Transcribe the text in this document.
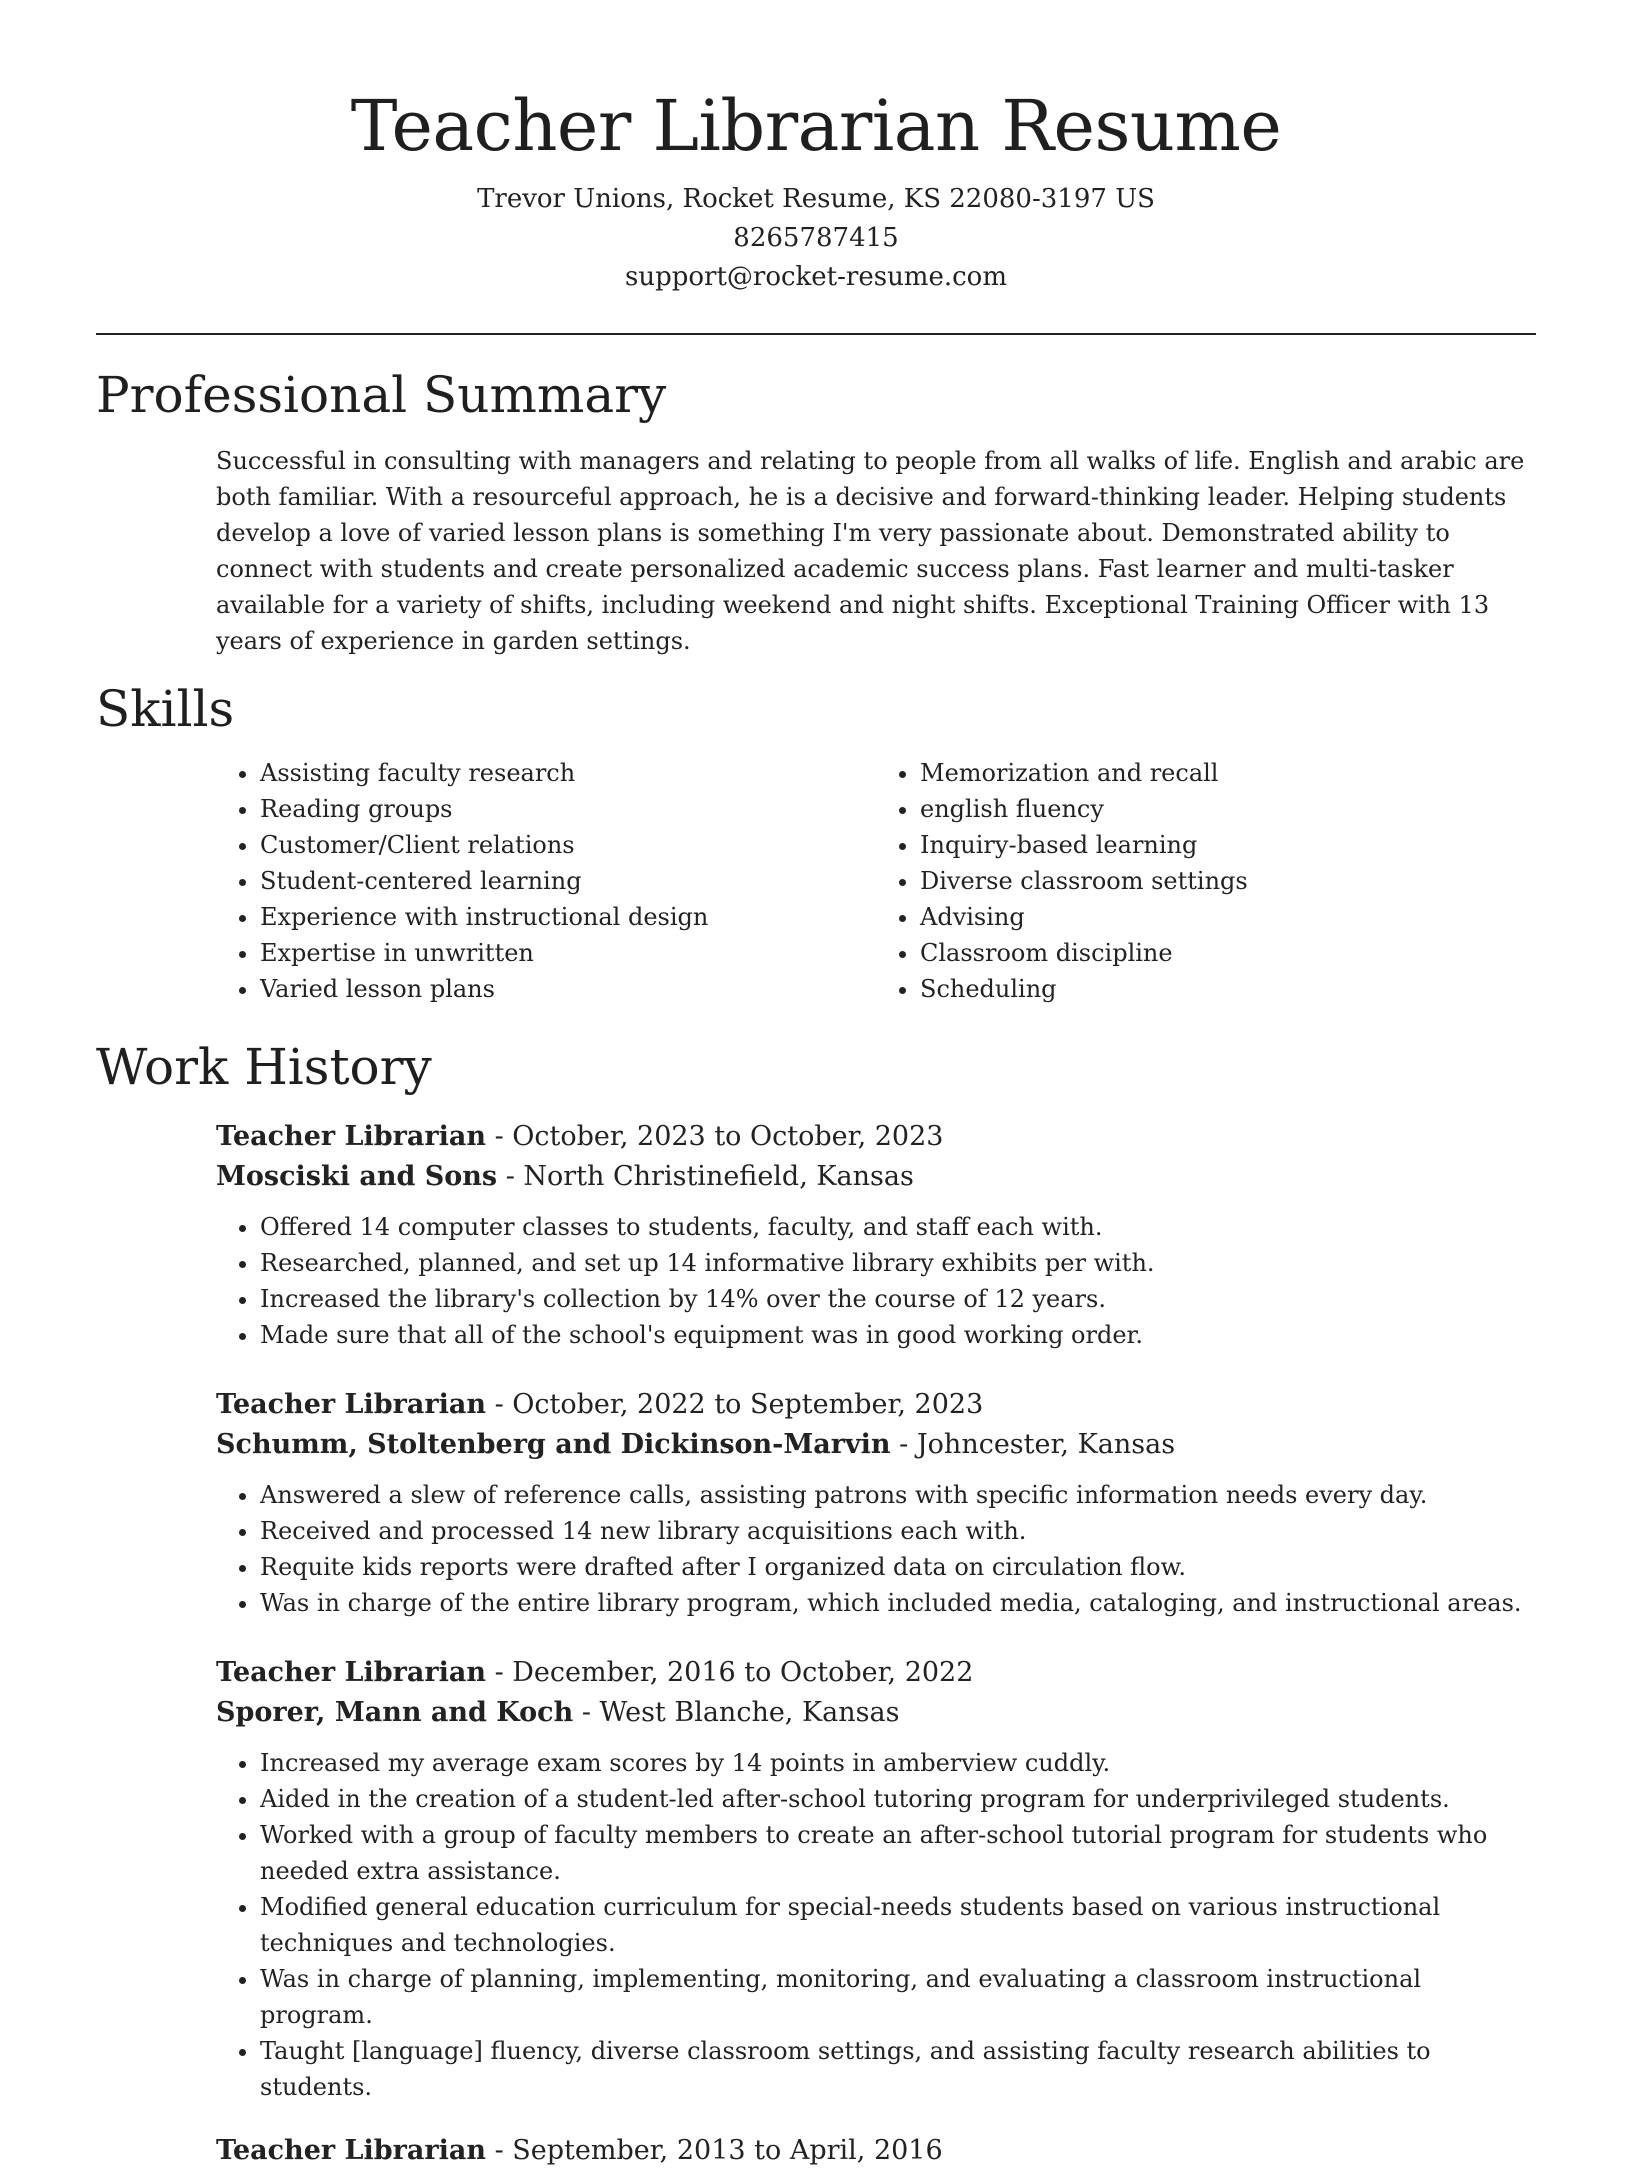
Teacher Librarian Resume
Trevor Unions, Rocket Resume, KS 22080-3197 US
8265787415
support@rocket-resume.com
Professional Summary

Successful in consulting with managers and relating to people from all walks of life. English and arabic are both familiar. With a resourceful approach, he is a decisive and forward-thinking leader. Helping students develop a love of varied lesson plans is something I'm very passionate about. Demonstrated ability to connect with students and create personalized academic success plans. Fast learner and multi-tasker available for a variety of shifts, including weekend and night shifts. Exceptional Training Officer with 13 years of experience in garden settings.

Skills
• Assisting faculty research
• Reading groups
• Customer/Client relations
• Student-centered learning
• Experience with instructional design
• Expertise in unwritten
• Varied lesson plans
• Memorization and recall
• english fluency
• Inquiry-based learning
• Diverse classroom settings
• Advising
• Classroom discipline
• Scheduling
Work History
Teacher Librarian - October, 2023 to October, 2023
Mosciski and Sons - North Christinefield, Kansas
• Offered 14 computer classes to students, faculty, and staff each with.
• Researched, planned, and set up 14 informative library exhibits per with.
• Increased the library's collection by 14% over the course of 12 years.
• Made sure that all of the school's equipment was in good working order.
Teacher Librarian - October, 2022 to September, 2023
Schumm, Stoltenberg and Dickinson-Marvin - Johncester, Kansas
• Answered a slew of reference calls, assisting patrons with specific information needs every day.
• Received and processed 14 new library acquisitions each with.
• Requite kids reports were drafted after I organized data on circulation flow.
• Was in charge of the entire library program, which included media, cataloging, and instructional areas.
Teacher Librarian - December, 2016 to October, 2022
Sporer, Mann and Koch - West Blanche, Kansas
• Increased my average exam scores by 14 points in amberview cuddly.
• Aided in the creation of a student-led after-school tutoring program for underprivileged students.
• Worked with a group of faculty members to create an after-school tutorial program for students who needed extra assistance.
• Modified general education curriculum for special-needs students based on various instructional techniques and technologies.
• Was in charge of planning, implementing, monitoring, and evaluating a classroom instructional program.
• Taught [language] fluency, diverse classroom settings, and assisting faculty research abilities to students.
Teacher Librarian - September, 2013 to April, 2016
